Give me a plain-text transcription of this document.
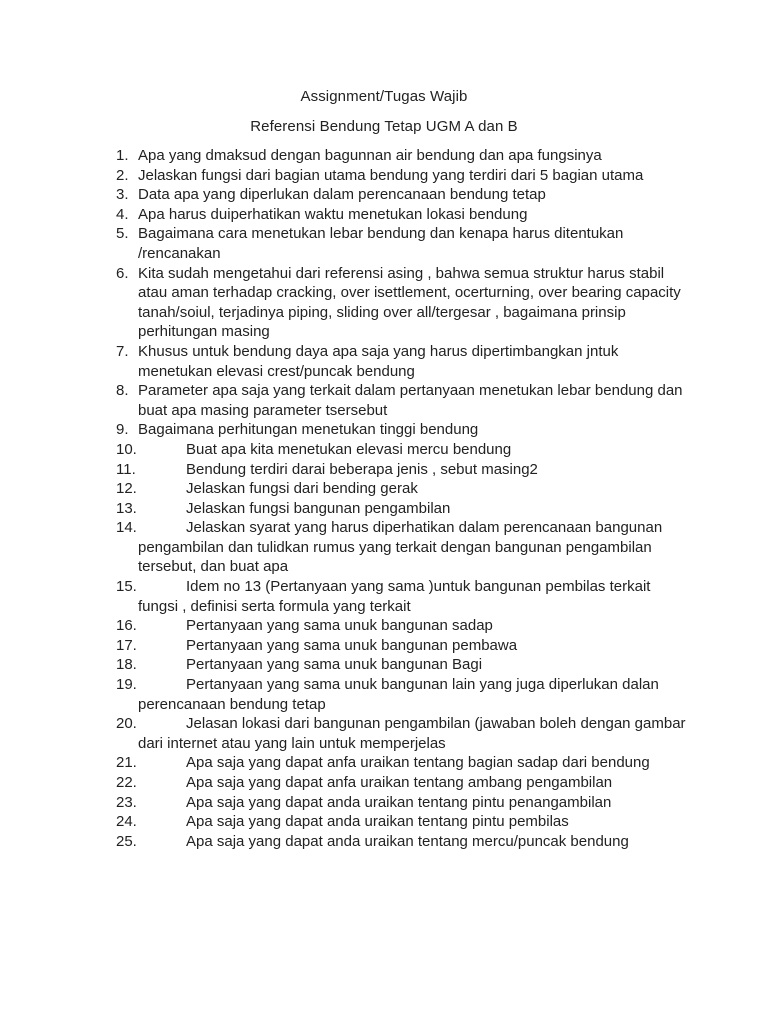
Assignment/Tugas Wajib
Referensi Bendung Tetap UGM A dan B
1. Apa yang dmaksud dengan bagunnan air bendung dan apa fungsinya
2. Jelaskan fungsi dari bagian utama bendung yang terdiri dari 5 bagian utama
3. Data apa yang diperlukan dalam perencanaan bendung tetap
4. Apa harus duiperhatikan waktu menetukan lokasi bendung
5. Bagaimana cara menetukan lebar bendung dan kenapa harus ditentukan /rencanakan
6. Kita sudah mengetahui dari referensi asing , bahwa semua struktur harus stabil atau aman terhadap cracking, over isettlement, ocerturning, over bearing capacity tanah/soiul, terjadinya piping, sliding over all/tergesar , bagaimana prinsip perhitungan masing
7. Khusus untuk bendung daya apa saja yang harus dipertimbangkan jntuk menetukan elevasi crest/puncak bendung
8. Parameter apa saja yang terkait dalam pertanyaan menetukan lebar bendung dan buat apa masing parameter tsersebut
9. Bagaimana perhitungan menetukan tinggi bendung
10.	Buat apa kita menetukan elevasi mercu bendung
11.	Bendung terdiri darai beberapa jenis , sebut masing2
12.	Jelaskan fungsi dari bending gerak
13.	Jelaskan fungsi bangunan pengambilan
14.	Jelaskan syarat yang harus diperhatikan dalam perencanaan bangunan pengambilan dan tulidkan rumus yang terkait dengan bangunan pengambilan tersebut, dan buat apa
15.	Idem no 13 (Pertanyaan yang sama )untuk bangunan pembilas terkait fungsi , definisi serta formula yang terkait
16.	Pertanyaan yang sama unuk bangunan sadap
17.	Pertanyaan yang sama unuk bangunan pembawa
18.	Pertanyaan yang sama unuk bangunan Bagi
19.	Pertanyaan yang sama unuk bangunan lain yang juga diperlukan dalan perencanaan bendung tetap
20.	Jelasan lokasi dari bangunan pengambilan (jawaban boleh dengan gambar dari internet atau yang lain untuk memperjelas
21.	Apa saja yang dapat anfa uraikan tentang bagian sadap dari bendung
22.	Apa saja yang dapat anfa uraikan tentang ambang pengambilan
23.	Apa saja yang dapat anda uraikan tentang pintu penangambilan
24.	Apa saja yang dapat anda uraikan tentang pintu pembilas
25.	Apa saja yang dapat anda uraikan tentang mercu/puncak bendung
